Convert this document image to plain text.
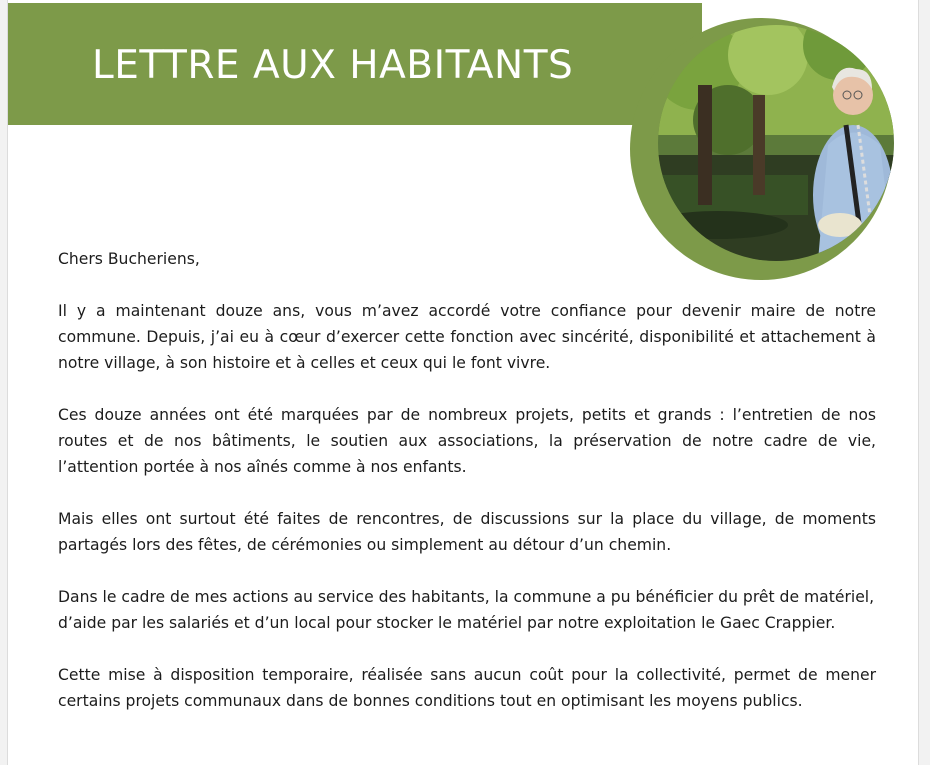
LETTRE AUX HABITANTS

Chers Bucheriens,

Il y a maintenant douze ans, vous m’avez accordé votre confiance pour devenir maire de notre commune. Depuis, j’ai eu à cœur d’exercer cette fonction avec sincérité, disponibilité et attachement à notre village, à son histoire et à celles et ceux qui le font vivre.

Ces douze années ont été marquées par de nombreux projets, petits et grands : l’entretien de nos routes et de nos bâtiments, le soutien aux associations, la préservation de notre cadre de vie, l’attention portée à nos aînés comme à nos enfants.

Mais elles ont surtout été faites de rencontres, de discussions sur la place du village, de moments partagés lors des fêtes, de cérémonies ou simplement au détour d’un chemin.

Dans le cadre de mes actions au service des habitants, la commune a pu bénéficier du prêt de matériel, d’aide par les salariés et d’un local pour stocker le matériel par notre exploitation le Gaec Crappier.

Cette mise à disposition temporaire, réalisée sans aucun coût pour la collectivité, permet de mener certains projets communaux dans de bonnes conditions tout en optimisant les moyens publics.
